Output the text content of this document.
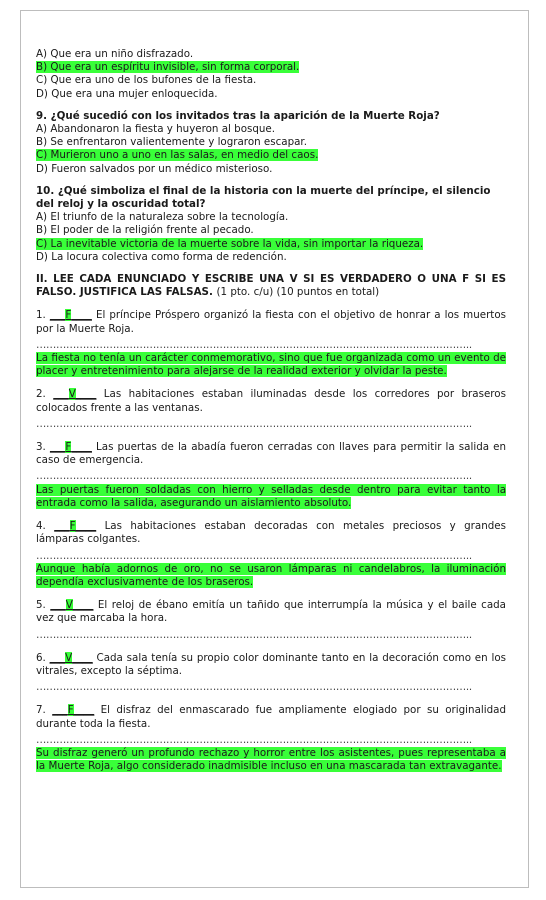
A) Que era un niño disfrazado.

B) Que era un espíritu invisible, sin forma corporal.

C) Que era uno de los bufones de la fiesta.

D) Que era una mujer enloquecida.

9. ¿Qué sucedió con los invitados tras la aparición de la Muerte Roja?

A) Abandonaron la fiesta y huyeron al bosque.

B) Se enfrentaron valientemente y lograron escapar.

C) Murieron uno a uno en las salas, en medio del caos.

D) Fueron salvados por un médico misterioso.

10. ¿Qué simboliza el final de la historia con la muerte del príncipe, el silencio del reloj y la oscuridad total?

A) El triunfo de la naturaleza sobre la tecnología.

B) El poder de la religión frente al pecado.

C) La inevitable victoria de la muerte sobre la vida, sin importar la riqueza.

D) La locura colectiva como forma de redención.

II. LEE CADA ENUNCIADO Y ESCRIBE UNA V SI ES VERDADERO O UNA F SI ES FALSO. JUSTIFICA LAS FALSAS. (1 pto. c/u) (10 puntos en total)

1. ___F____ El príncipe Próspero organizó la fiesta con el objetivo de honrar a los muertos por la Muerte Roja.

…………………………………………………………………………………………………………………..

La fiesta no tenía un carácter conmemorativo, sino que fue organizada como un evento de placer y entretenimiento para alejarse de la realidad exterior y olvidar la peste.

2. ___V____ Las habitaciones estaban iluminadas desde los corredores por braseros colocados frente a las ventanas.

…………………………………………………………………………………………………………………..

3. ___F____ Las puertas de la abadía fueron cerradas con llaves para permitir la salida en caso de emergencia.

…………………………………………………………………………………………………………………..

Las puertas fueron soldadas con hierro y selladas desde dentro para evitar tanto la entrada como la salida, asegurando un aislamiento absoluto.

4. ___F____ Las habitaciones estaban decoradas con metales preciosos y grandes lámparas colgantes.

…………………………………………………………………………………………………………………..

Aunque había adornos de oro, no se usaron lámparas ni candelabros, la iluminación dependía exclusivamente de los braseros.

5. ___V____ El reloj de ébano emitía un tañido que interrumpía la música y el baile cada vez que marcaba la hora.

…………………………………………………………………………………………………………………..

6. ___V____ Cada sala tenía su propio color dominante tanto en la decoración como en los vitrales, excepto la séptima.

…………………………………………………………………………………………………………………..

7. ___F____ El disfraz del enmascarado fue ampliamente elogiado por su originalidad durante toda la fiesta.

…………………………………………………………………………………………………………………..

Su disfraz generó un profundo rechazo y horror entre los asistentes, pues representaba a la Muerte Roja, algo considerado inadmisible incluso en una mascarada tan extravagante.
